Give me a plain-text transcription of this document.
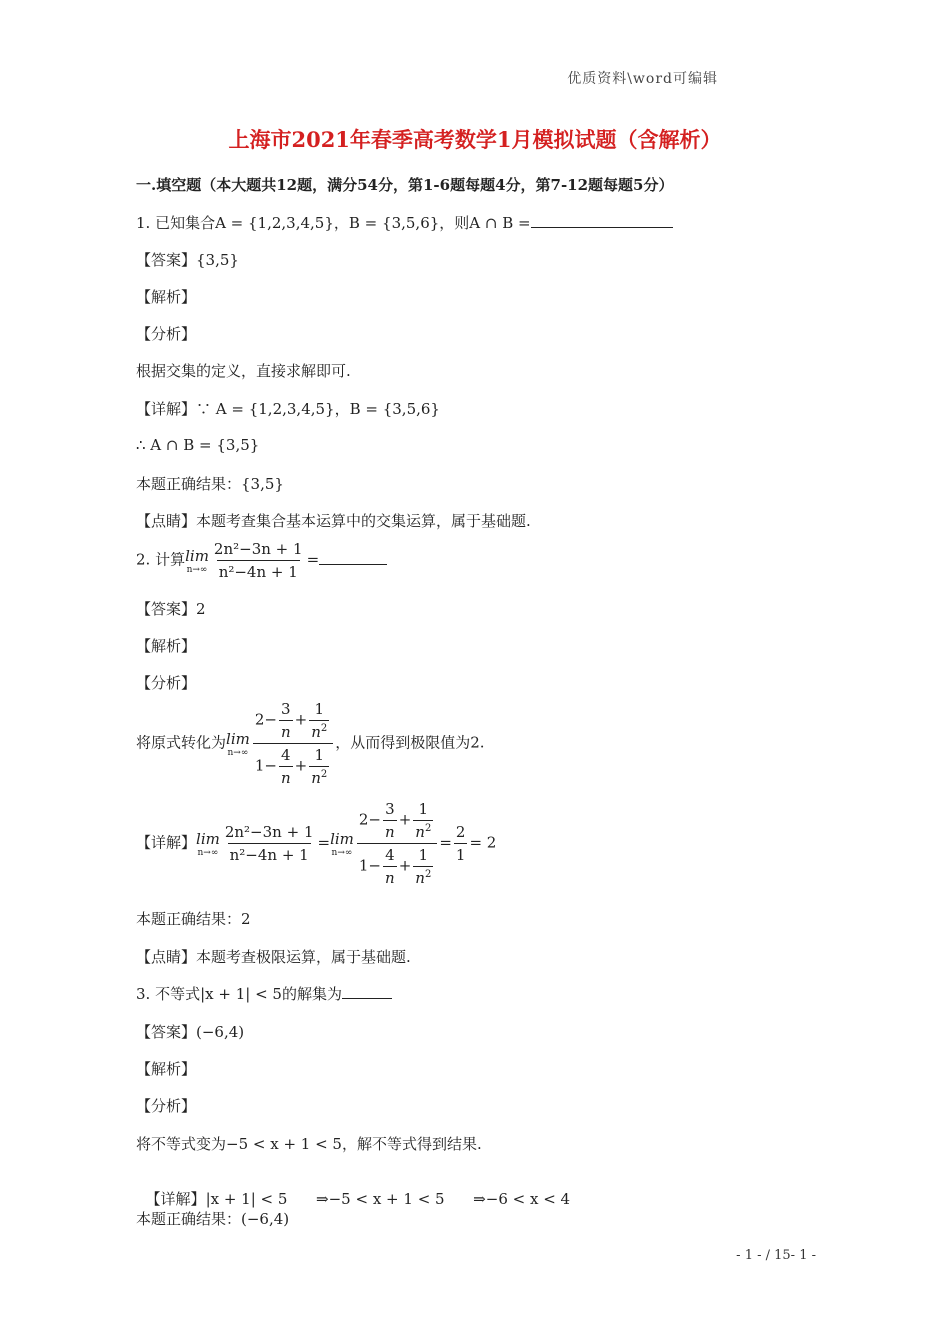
优质资料\word可编辑
上海市2021年春季高考数学1月模拟试题（含解析）
一.填空题（本大题共12题，满分54分，第1-6题每题4分，第7-12题每题5分）
1. 已知集合A = {1,2,3,4,5}，B = {3,5,6}，则A ∩ B =
【答案】{3,5}
【解析】
【分析】
根据交集的定义，直接求解即可.
【详解】∵ A = {1,2,3,4,5}，B = {3,5,6}
∴ A ∩ B = {3,5}
本题正确结果：{3,5}
【点睛】本题考查集合基本运算中的交集运算，属于基础题.
2. 计算 lim
$n\to\infty \frac{\text{2n²−3n + 1}}{\text{n²−4n + 1}}$ =
【答案】2
【解析】
【分析】
将原式转化为 lim
$n\to\infty \frac{2- \frac{3}{n} + \frac{1}{n^2}}{1- \frac{4}{n} + \frac{1}{n^2}}$ ，从而得到极限值为2.
【详解】 lim
$n\to\infty \frac{\text{2n²−3n + 1}}{\text{n²−4n + 1}} = \lim$
$n\to\infty \frac{2- \frac{3}{n} + \frac{1}{n^2}}{1- \frac{4}{n} + \frac{1}{n^2}} = \frac{2}{1} = 2$
本题正确结果：2
【点睛】本题考查极限运算，属于基础题.
3. 不等式|x + 1| < 5的解集为
【答案】(−6,4)
【解析】
【分析】
将不等式变为−5 < x + 1 < 5，解不等式得到结果.

【详解】|x + 1| < 5      ⇒−5 < x + 1 < 5      ⇒−6 < x < 4

本题正确结果：(−6,4)
- 1 - / 15- 1 -
